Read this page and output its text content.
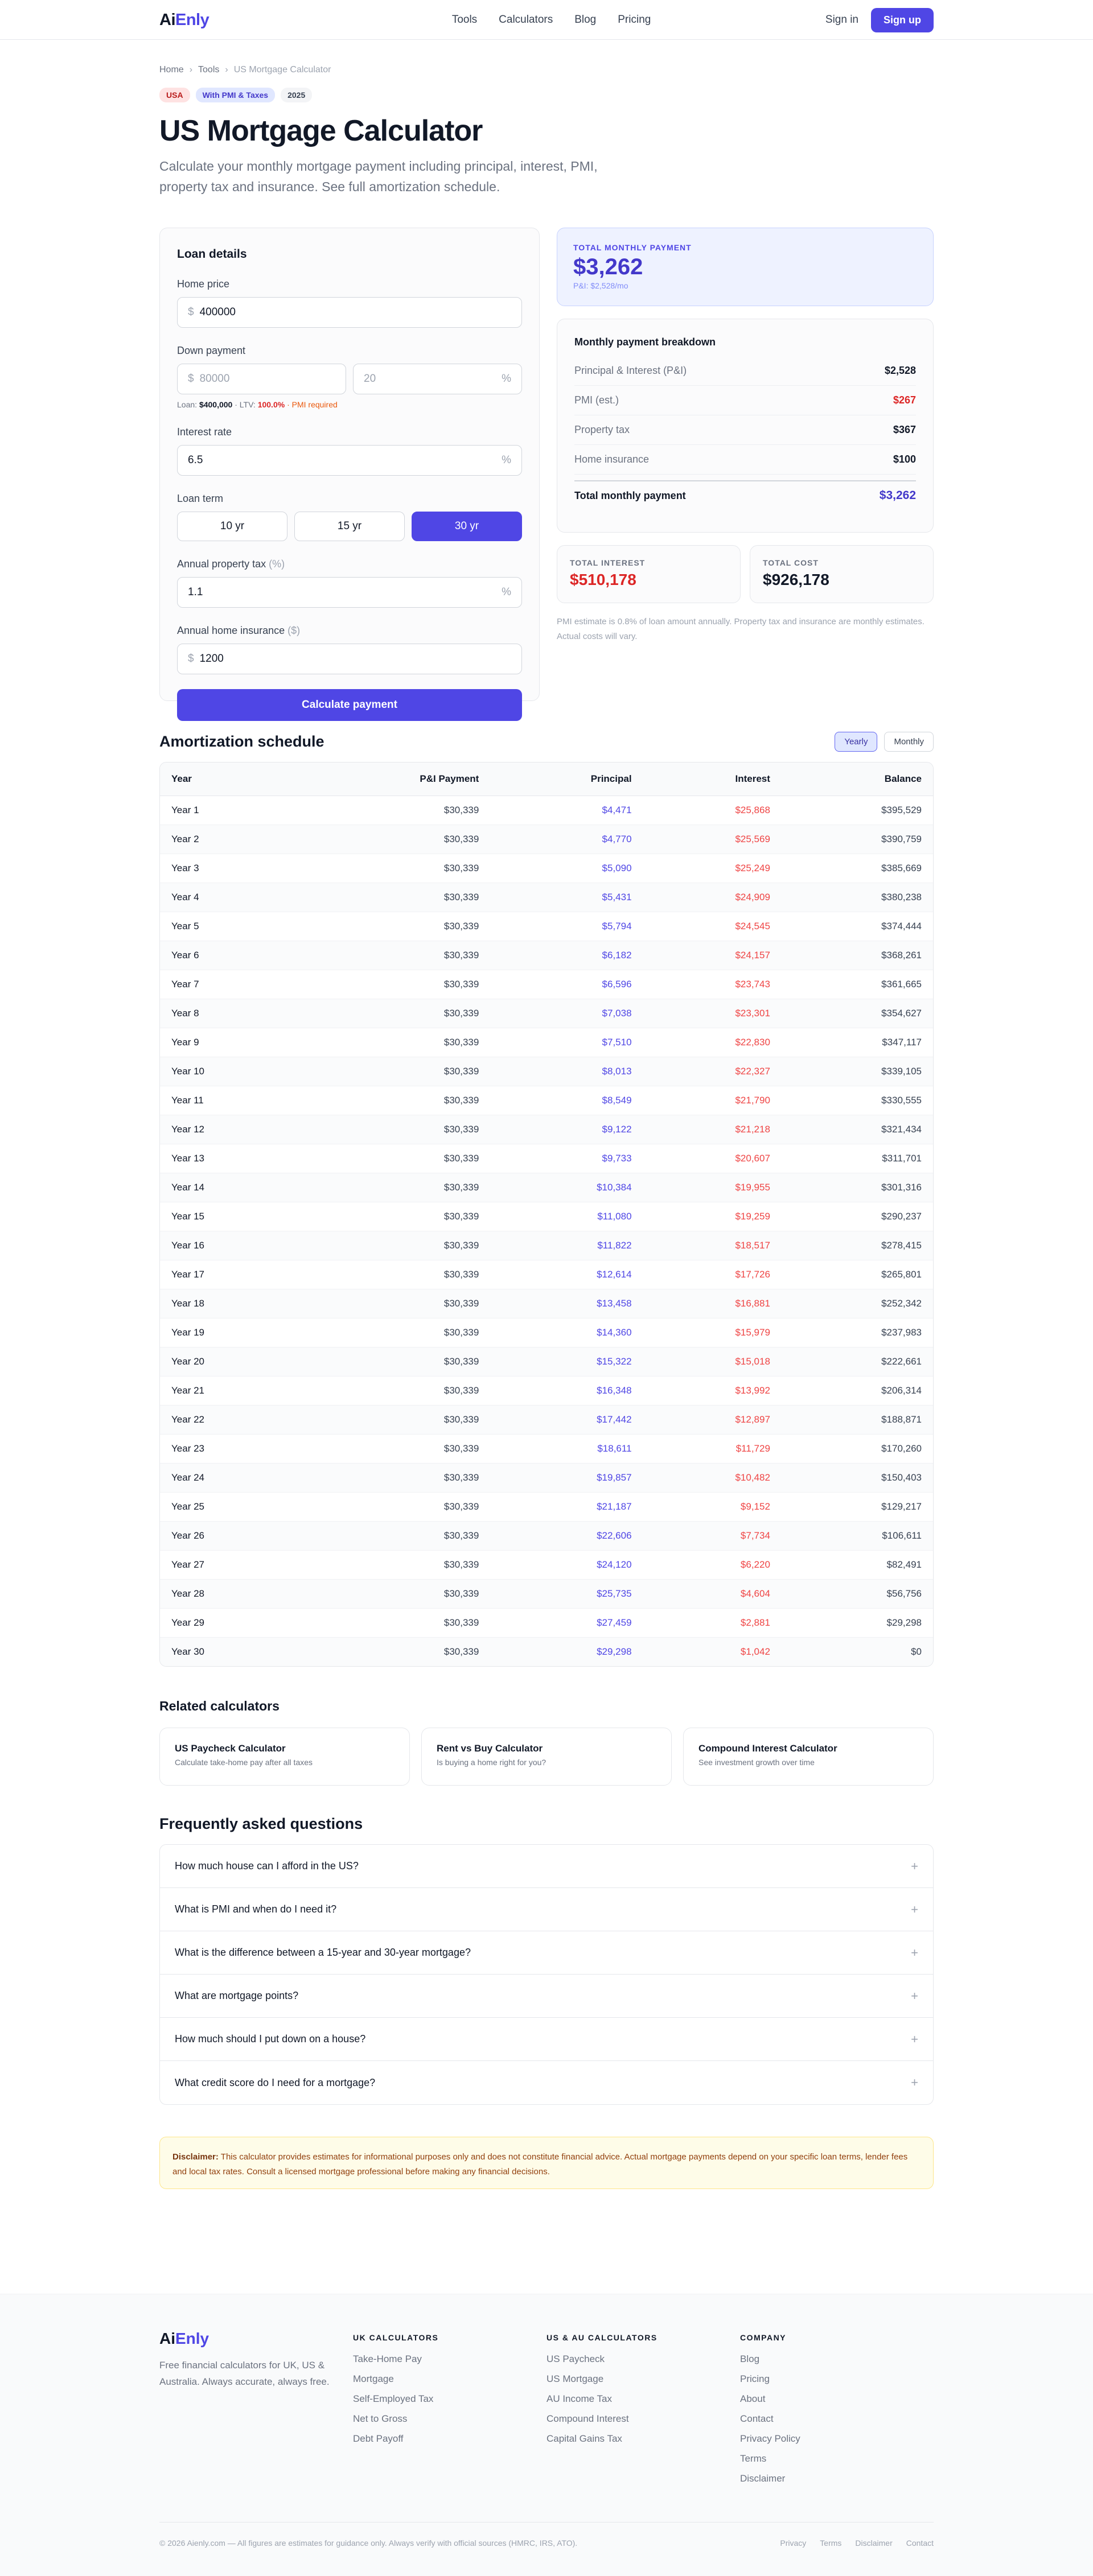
AiEnly	Tools Calculators Blog Pricing	Sign in	Sign up
Home › Tools › US Mortgage Calculator
USA	With PMI & Taxes	2025
US Mortgage Calculator

Calculate your monthly mortgage payment including principal, interest, PMI, property tax and insurance. See full amortization schedule.

Loan details
Home price
$ 400000
Down payment
$ 80000	20	%
Loan: $400,000 · LTV: 100.0% · PMI required
Interest rate
6.5	%
Loan term
10 yr	15 yr	30 yr
Annual property tax (%)
1.1	%
Annual home insurance ($)
$ 1200
Calculate payment
TOTAL MONTHLY PAYMENT
$3,262
P&I: $2,528/mo
Monthly payment breakdown
Principal & Interest (P&I)	$2,528
PMI (est.)	$267
Property tax	$367
Home insurance	$100
Total monthly payment	$3,262
TOTAL INTEREST
$510,178
TOTAL COST
$926,178

PMI estimate is 0.8% of loan amount annually. Property tax and insurance are monthly estimates. Actual costs will vary.

Amortization schedule	Yearly	Monthly
Year	P&I Payment	Principal	Interest	Balance
Year 1	$30,339	$4,471	$25,868	$395,529
Year 2	$30,339	$4,770	$25,569	$390,759
Year 3	$30,339	$5,090	$25,249	$385,669
Year 4	$30,339	$5,431	$24,909	$380,238
Year 5	$30,339	$5,794	$24,545	$374,444
Year 6	$30,339	$6,182	$24,157	$368,261
Year 7	$30,339	$6,596	$23,743	$361,665
Year 8	$30,339	$7,038	$23,301	$354,627
Year 9	$30,339	$7,510	$22,830	$347,117
Year 10	$30,339	$8,013	$22,327	$339,105
Year 11	$30,339	$8,549	$21,790	$330,555
Year 12	$30,339	$9,122	$21,218	$321,434
Year 13	$30,339	$9,733	$20,607	$311,701
Year 14	$30,339	$10,384	$19,955	$301,316
Year 15	$30,339	$11,080	$19,259	$290,237
Year 16	$30,339	$11,822	$18,517	$278,415
Year 17	$30,339	$12,614	$17,726	$265,801
Year 18	$30,339	$13,458	$16,881	$252,342
Year 19	$30,339	$14,360	$15,979	$237,983
Year 20	$30,339	$15,322	$15,018	$222,661
Year 21	$30,339	$16,348	$13,992	$206,314
Year 22	$30,339	$17,442	$12,897	$188,871
Year 23	$30,339	$18,611	$11,729	$170,260
Year 24	$30,339	$19,857	$10,482	$150,403
Year 25	$30,339	$21,187	$9,152	$129,217
Year 26	$30,339	$22,606	$7,734	$106,611
Year 27	$30,339	$24,120	$6,220	$82,491
Year 28	$30,339	$25,735	$4,604	$56,756
Year 29	$30,339	$27,459	$2,881	$29,298
Year 30	$30,339	$29,298	$1,042	$0
Related calculators
US Paycheck Calculator
Calculate take-home pay after all taxes
Rent vs Buy Calculator
Is buying a home right for you?
Compound Interest Calculator
See investment growth over time
Frequently asked questions
How much house can I afford in the US?	+
What is PMI and when do I need it?	+
What is the difference between a 15-year and 30-year mortgage?	+
What are mortgage points?	+
How much should I put down on a house?	+
What credit score do I need for a mortgage?	+
Disclaimer: This calculator provides estimates for informational purposes only and does not constitute financial advice. Actual mortgage payments depend on your specific loan terms, lender fees and local tax rates. Consult a licensed mortgage professional before making any financial decisions.
AiEnly

Free financial calculators for UK, US & Australia. Always accurate, always free.

UK CALCULATORS
Take-Home Pay
Mortgage
Self-Employed Tax
Net to Gross
Debt Payoff
US & AU CALCULATORS
US Paycheck
US Mortgage
AU Income Tax
Compound Interest
Capital Gains Tax
COMPANY
Blog
Pricing
About
Contact
Privacy Policy
Terms
Disclaimer
© 2026 Aienly.com — All figures are estimates for guidance only. Always verify with official sources (HMRC, IRS, ATO).	Privacy Terms Disclaimer Contact
